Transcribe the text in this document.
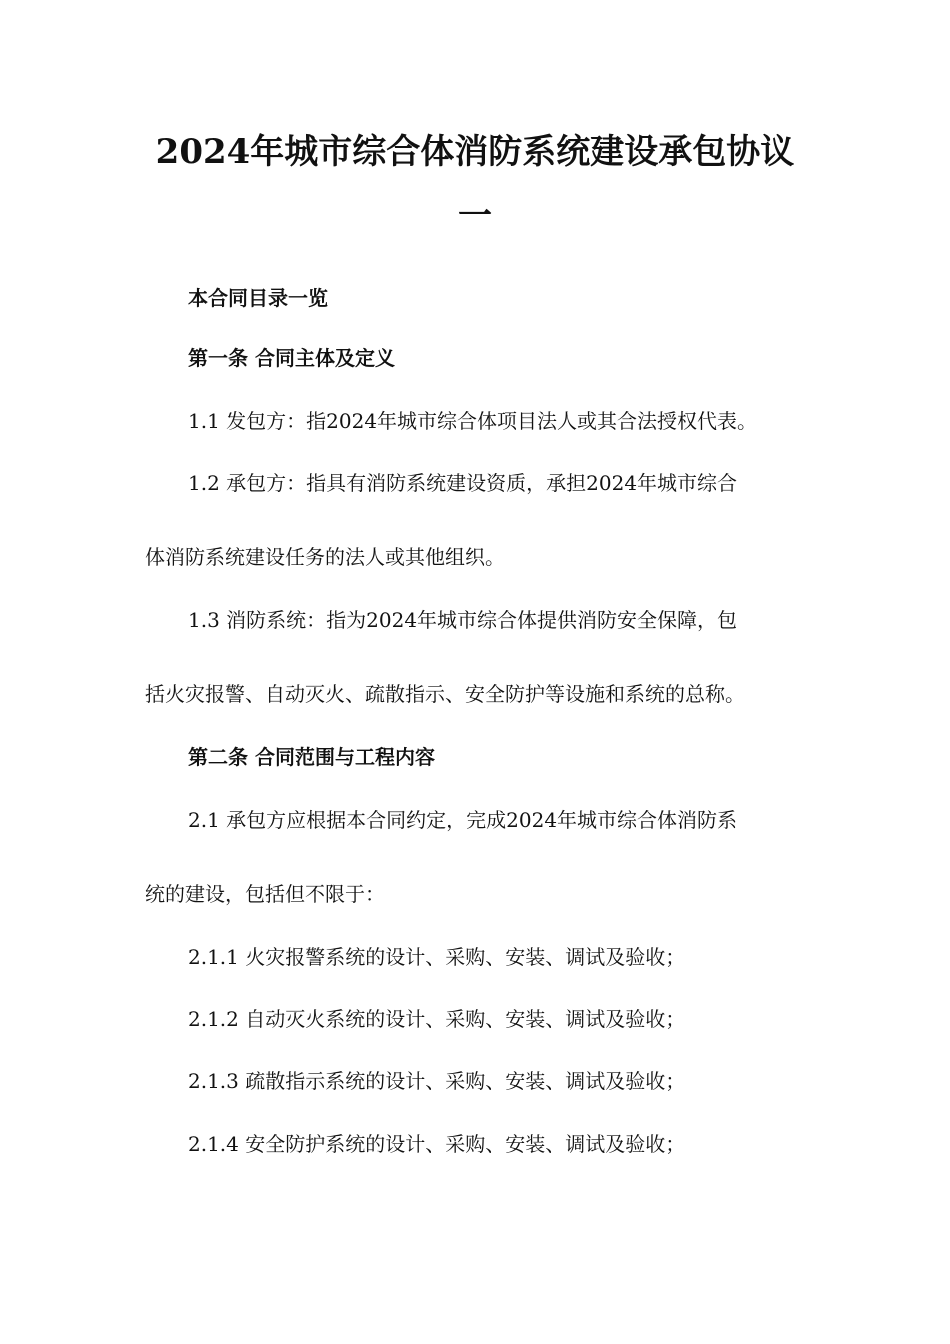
2024年城市综合体消防系统建设承包协议
一

本合同目录一览

第一条 合同主体及定义

1.1 发包方：指2024年城市综合体项目法人或其合法授权代表。

1.2 承包方：指具有消防系统建设资质，承担2024年城市综合

体消防系统建设任务的法人或其他组织。

1.3 消防系统：指为2024年城市综合体提供消防安全保障，包

括火灾报警、自动灭火、疏散指示、安全防护等设施和系统的总称。

第二条 合同范围与工程内容

2.1 承包方应根据本合同约定，完成2024年城市综合体消防系

统的建设，包括但不限于：

2.1.1 火灾报警系统的设计、采购、安装、调试及验收；

2.1.2 自动灭火系统的设计、采购、安装、调试及验收；

2.1.3 疏散指示系统的设计、采购、安装、调试及验收；

2.1.4 安全防护系统的设计、采购、安装、调试及验收；
